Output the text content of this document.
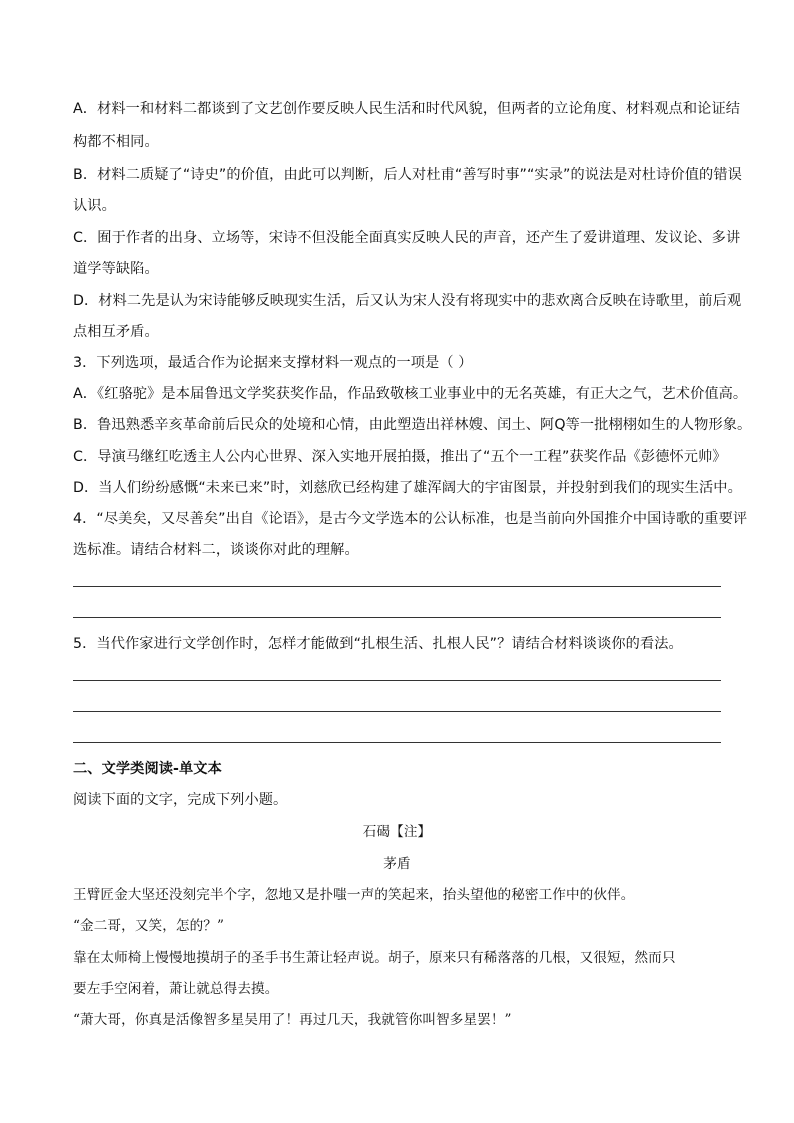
A．材料一和材料二都谈到了文艺创作要反映人民生活和时代风貌，但两者的立论角度、材料观点和论证结
构都不相同。
B．材料二质疑了“诗史”的价值，由此可以判断，后人对杜甫“善写时事”“实录”的说法是对杜诗价值的错误
认识。
C．囿于作者的出身、立场等，宋诗不但没能全面真实反映人民的声音，还产生了爱讲道理、发议论、多讲
道学等缺陷。
D．材料二先是认为宋诗能够反映现实生活，后又认为宋人没有将现实中的悲欢离合反映在诗歌里，前后观
点相互矛盾。
3．下列选项，最适合作为论据来支撑材料一观点的一项是（ ）
A．《红骆驼》是本届鲁迅文学奖获奖作品，作品致敬核工业事业中的无名英雄，有正大之气，艺术价值高。
B．鲁迅熟悉辛亥革命前后民众的处境和心情，由此塑造出祥林嫂、闰土、阿Q等一批栩栩如生的人物形象。
C．导演马继红吃透主人公内心世界、深入实地开展拍摄，推出了“五个一工程”获奖作品《彭德怀元帅》
D．当人们纷纷感慨“未来已来”时，刘慈欣已经构建了雄浑阔大的宇宙图景，并投射到我们的现实生活中。
4．“尽美矣，又尽善矣”出自《论语》，是古今文学选本的公认标准，也是当前向外国推介中国诗歌的重要评
选标准。请结合材料二，谈谈你对此的理解。
5．当代作家进行文学创作时，怎样才能做到“扎根生活、扎根人民”？请结合材料谈谈你的看法。
二、文学类阅读-单文本
阅读下面的文字，完成下列小题。
石碣【注】
茅盾
王臂匠金大坚还没刻完半个字，忽地又是扑嗤一声的笑起来，抬头望他的秘密工作中的伙伴。
“金二哥，又笑，怎的？”
靠在太师椅上慢慢地摸胡子的圣手书生萧让轻声说。胡子，原来只有稀落落的几根，又很短，然而只
要左手空闲着，萧让就总得去摸。
“萧大哥，你真是活像智多星吴用了！再过几天，我就管你叫智多星罢！”
